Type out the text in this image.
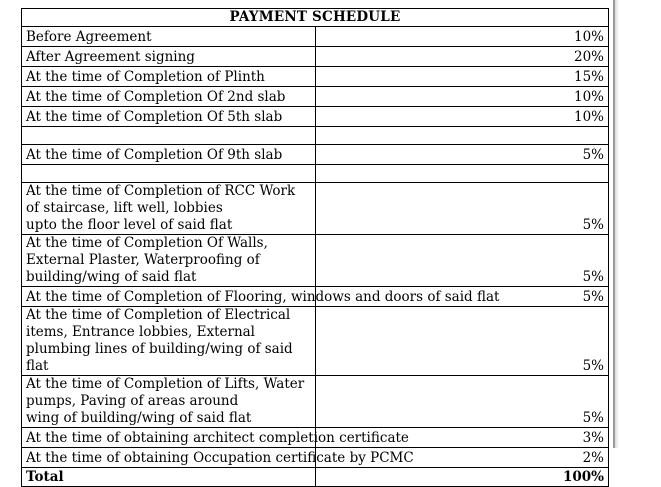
PAYMENT SCHEDULE	
Before Agreement	10%
After Agreement signing	20%
At the time of Completion of Plinth	15%
At the time of Completion Of 2nd slab	10%
At the time of Completion Of 5th slab	10%

At the time of Completion Of 9th slab	5%

At the time of Completion of RCC Work of staircase, lift well, lobbies
upto the floor level of said flat	5%

At the time of Completion Of Walls, External Plaster, Waterproofing of
building/wing of said flat	5%
At the time of Completion of Flooring, windows and doors of said flat	5%

At the time of Completion of Electrical items, Entrance lobbies, External
plumbing lines of building/wing of said flat	5%

At the time of Completion of Lifts, Water pumps, Paving of areas around
wing of building/wing of said flat	5%
At the time of obtaining architect completion certificate	3%
At the time of obtaining Occupation certificate by PCMC	2%
Total	100%
